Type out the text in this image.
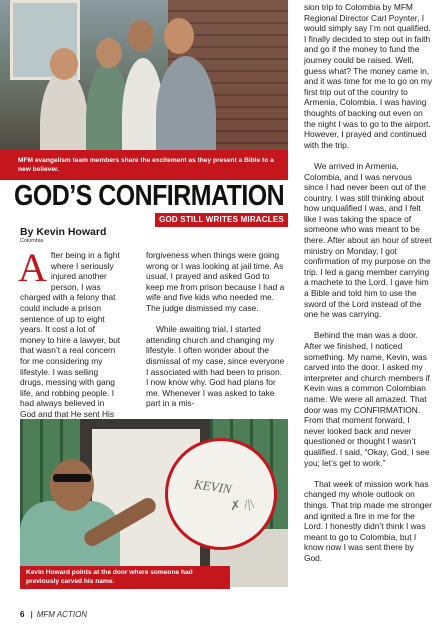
MFM evangelism team members share the excitement as they present a Bible to a new believer.
GOD’S CONFIRMATION
GOD STILL WRITES MIRACLES
By Kevin Howard
Colombia

After being in a fight where I seriously injured another person, I was charged with a felony that could include a prison sentence of up to eight years. It cost a lot of money to hire a lawyer, but that wasn’t a real concern for me considering my lifestyle. I was selling drugs, messing with gang life, and robbing people. I had always believed in God and that He sent His

forgiveness when things were going wrong or I was looking at jail time. As usual, I prayed and asked God to keep me from prison because I had a wife and five kids who needed me. The judge dismissed my case.

While awaiting trial, I started attending church and changing my lifestyle. I often wonder about the dismissal of my case, since everyone I associated with had been to prison. I now know why. God had plans for me. Whenever I was asked to take part in a mis-

sion trip to Colombia by MFM Regional Director Carl Poynter, I would simply say I’m not qualified. I finally decided to step out in faith and go if the money to fund the journey could be raised. Well, guess what? The money came in, and it was time for me to go on my first trip out of the country to Armenia, Colombia. I was having thoughts of backing out even on the night I was to go to the airport. However, I prayed and continued with the trip.

We arrived in Armenia, Colombia, and I was nervous since I had never been out of the country. I was still thinking about how unqualified I was, and I felt like I was taking the space of someone who was meant to be there. After about an hour of street ministry on Monday, I got confirmation of my purpose on the trip. I led a gang member carrying a machete to the Lord. I gave him a Bible and told him to use the sword of the Lord instead of the one he was carrying.

Behind the man was a door. After we finished, I noticed something. My name, Kevin, was carved into the door. I asked my interpreter and church members if Kevin was a common Colombian name. We were all amazed. That door was my CONFIRMATION. From that moment forward, I never looked back and never questioned or thought I wasn’t qualified. I said, “Okay, God, I see you; let’s get to work.”

That week of mission work has changed my whole outlook on things. That trip made me stronger and ignited a fire in me for the Lord. I honestly didn’t think I was meant to go to Colombia, but I know now I was sent there by God.

KEVIN
✗ /|\
Kevin Howard points at the door where someone had previously carved his name.
6 | MFM ACTION
